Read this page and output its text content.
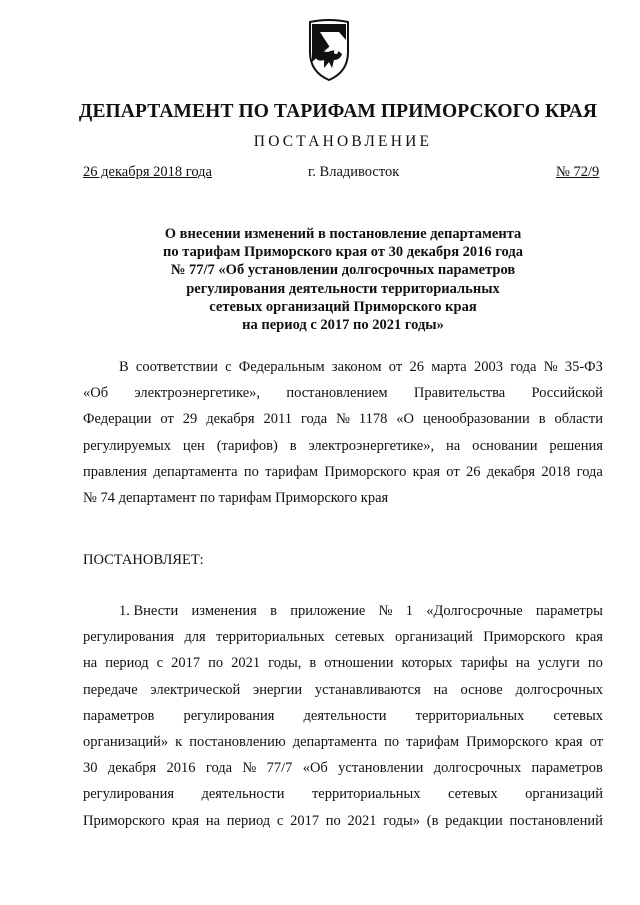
ДЕПАРТАМЕНТ ПО ТАРИФАМ ПРИМОРСКОГО КРАЯ
ПОСТАНОВЛЕНИЕ
26 декабря 2018 года	г. Владивосток	№ 72/9
О внесении изменений в постановление департамента
по тарифам Приморского края от 30 декабря 2016 года
№ 77/7 «Об установлении долгосрочных параметров
регулирования деятельности территориальных
сетевых организаций Приморского края
на период с 2017 по 2021 годы»
В соответствии с Федеральным законом от 26 марта 2003 года № 35-ФЗ
«Об электроэнергетике», постановлением Правительства Российской
Федерации от 29 декабря 2011 года № 1178 «О ценообразовании в области
регулируемых цен (тарифов) в электроэнергетике», на основании решения
правления департамента по тарифам Приморского края от 26 декабря 2018 года
№ 74 департамент по тарифам Приморского края
ПОСТАНОВЛЯЕТ:
1. Внести изменения в приложение № 1 «Долгосрочные параметры
регулирования для территориальных сетевых организаций Приморского края
на период с 2017 по 2021 годы, в отношении которых тарифы на услуги по
передаче электрической энергии устанавливаются на основе долгосрочных
параметров регулирования деятельности территориальных сетевых
организаций» к постановлению департамента по тарифам Приморского края от
30 декабря 2016 года № 77/7 «Об установлении долгосрочных параметров
регулирования деятельности территориальных сетевых организаций
Приморского края на период с 2017 по 2021 годы» (в редакции постановлений
